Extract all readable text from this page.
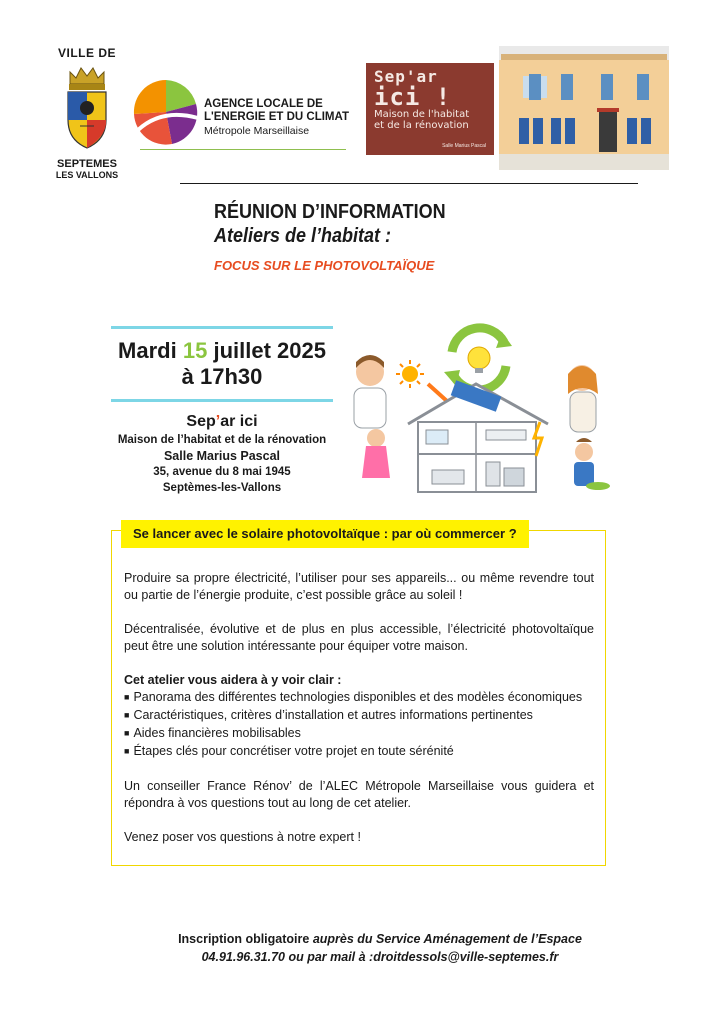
VILLE DE
SEPTEMES
LES VALLONS
AGENCE LOCALE DE
L'ENERGIE ET DU CLIMAT
Métropole Marseillaise
Sep'ar
ici !
Maison de l'habitat
et de la rénovation
Salle Marius Pascal
RÉUNION D’INFORMATION
Ateliers de l’habitat :
FOCUS SUR LE PHOTOVOLTAÏQUE
Mardi 15 juillet 2025
à 17h30
Sep’ar ici
Maison de l’habitat et de la rénovation
Salle Marius Pascal
35, avenue du 8 mai 1945
Septèmes-les-Vallons
Se lancer avec le solaire photovoltaïque : par où commercer ?

Produire sa propre électricité, l’utiliser pour ses appareils... ou même revendre tout ou partie de l’énergie produite, c’est possible grâce au soleil !

Décentralisée, évolutive et de plus en plus accessible, l’électricité photovoltaïque peut être une solution intéressante pour équiper votre maison.

Cet atelier vous aidera à y voir clair :
■ Panorama des différentes technologies disponibles et des modèles économiques
■ Caractéristiques, critères d’installation et autres informations pertinentes
■ Aides financières mobilisables
■ Étapes clés pour concrétiser votre projet en toute sérénité

Un conseiller France Rénov’ de l’ALEC Métropole Marseillaise vous guidera et répondra à vos questions tout au long de cet atelier.

Venez poser vos questions à notre expert !

Inscription obligatoire auprès du Service Aménagement de l’Espace
04.91.96.31.70 ou par mail à :droitdessols@ville-septemes.fr
